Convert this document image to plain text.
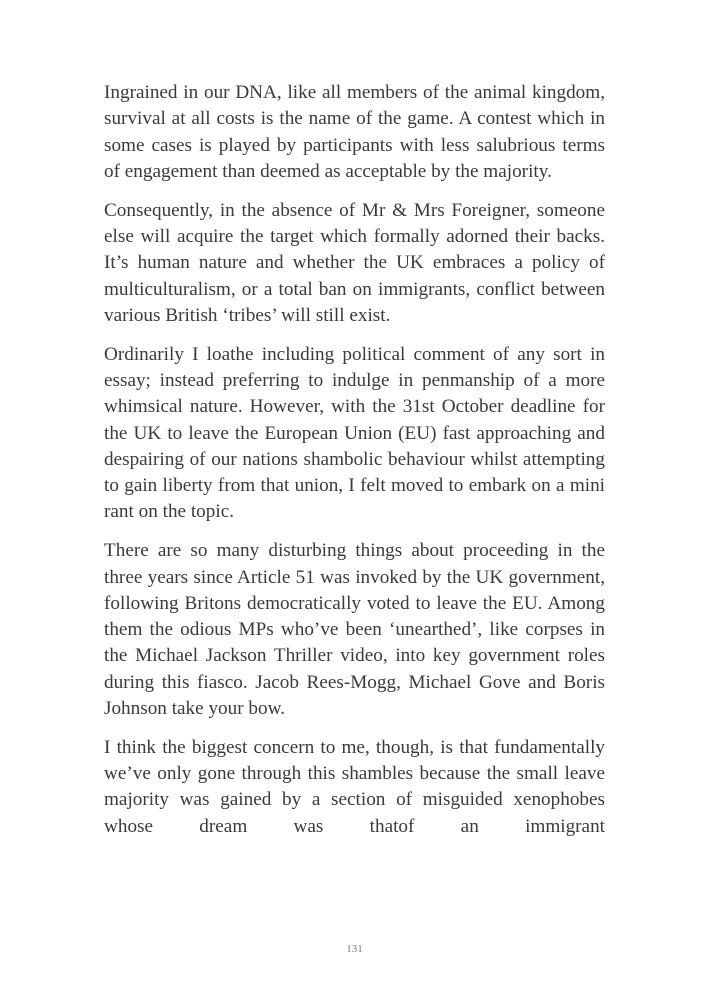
Ingrained in our DNA, like all members of the animal kingdom, survival at all costs is the name of the game. A contest which in some cases is played by participants with less salubrious terms of engagement than deemed as acceptable by the majority.

Consequently, in the absence of Mr & Mrs Foreigner, someone else will acquire the target which formally adorned their backs. It’s human nature and whether the UK embraces a policy of multiculturalism, or a total ban on immigrants, conflict between various British ‘tribes’ will still exist.

Ordinarily I loathe including political comment of any sort in essay; instead preferring to indulge in penmanship of a more whimsical nature. However, with the 31st October deadline for the UK to leave the European Union (EU) fast approaching and despairing of our nations shambolic behaviour whilst attempting to gain liberty from that union, I felt moved to embark on a mini rant on the topic.

There are so many disturbing things about proceeding in the three years since Article 51 was invoked by the UK government, following Britons democratically voted to leave the EU. Among them the odious MPs who’ve been ‘unearthed’, like corpses in the Michael Jackson Thriller video, into key government roles during this fiasco. Jacob Rees-Mogg, Michael Gove and Boris Johnson take your bow.

I think the biggest concern to me, though, is that fundamentally we’ve only gone through this shambles because the small leave majority was gained by a section of misguided xenophobes whose dream was thatof an immigrant

131
